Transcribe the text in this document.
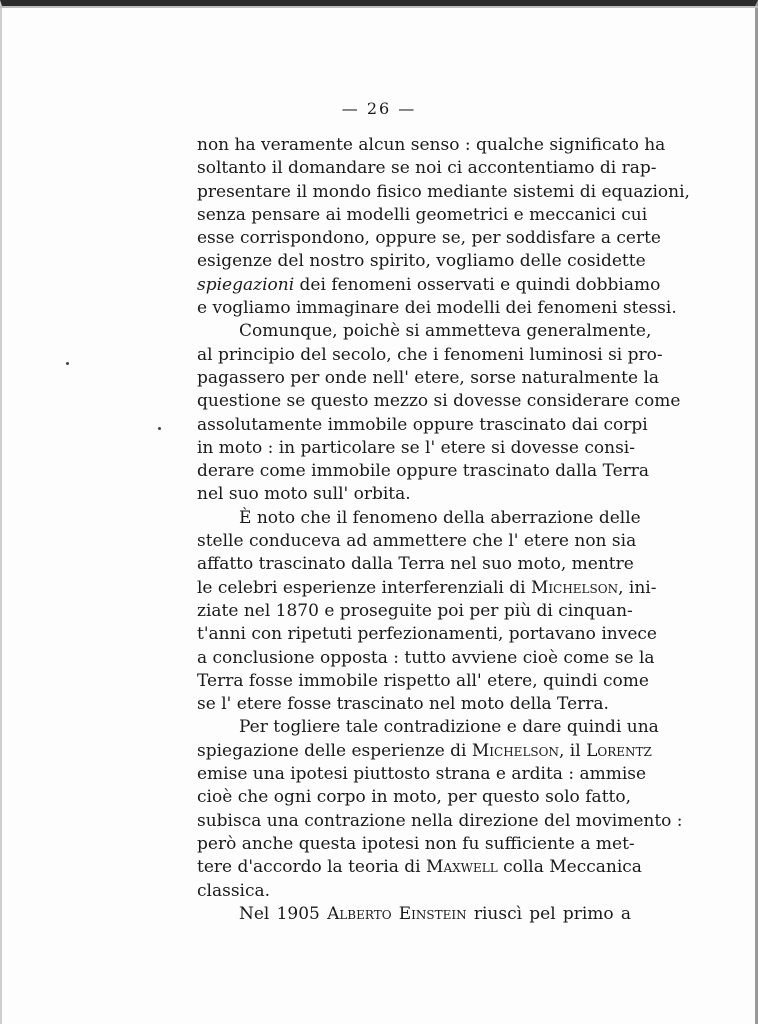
— 26 —
non ha veramente alcun senso : qualche significato ha
soltanto il domandare se noi ci accontentiamo di rap-
presentare il mondo fisico mediante sistemi di equazioni,
senza pensare ai modelli geometrici e meccanici cui
esse corrispondono, oppure se, per soddisfare a certe
esigenze del nostro spirito, vogliamo delle cosidette
spiegazioni dei fenomeni osservati e quindi dobbiamo
e vogliamo immaginare dei modelli dei fenomeni stessi.
Comunque, poichè si ammetteva generalmente,
al principio del secolo, che i fenomeni luminosi si pro-
pagassero per onde nell' etere, sorse naturalmente la
questione se questo mezzo si dovesse considerare come
assolutamente immobile oppure trascinato dai corpi
in moto : in particolare se l' etere si dovesse consi-
derare come immobile oppure trascinato dalla Terra
nel suo moto sull' orbita.
È noto che il fenomeno della aberrazione delle
stelle conduceva ad ammettere che l' etere non sia
affatto trascinato dalla Terra nel suo moto, mentre
le celebri esperienze interferenziali di Michelson, ini-
ziate nel 1870 e proseguite poi per più di cinquan-
t'anni con ripetuti perfezionamenti, portavano invece
a conclusione opposta : tutto avviene cioè come se la
Terra fosse immobile rispetto all' etere, quindi come
se l' etere fosse trascinato nel moto della Terra.
Per togliere tale contradizione e dare quindi una
spiegazione delle esperienze di Michelson, il Lorentz
emise una ipotesi piuttosto strana e ardita : ammise
cioè che ogni corpo in moto, per questo solo fatto,
subisca una contrazione nella direzione del movimento :
però anche questa ipotesi non fu sufficiente a met-
tere d'accordo la teoria di Maxwell colla Meccanica
classica.
Nel 1905 Alberto Einstein riuscì pel primo a
